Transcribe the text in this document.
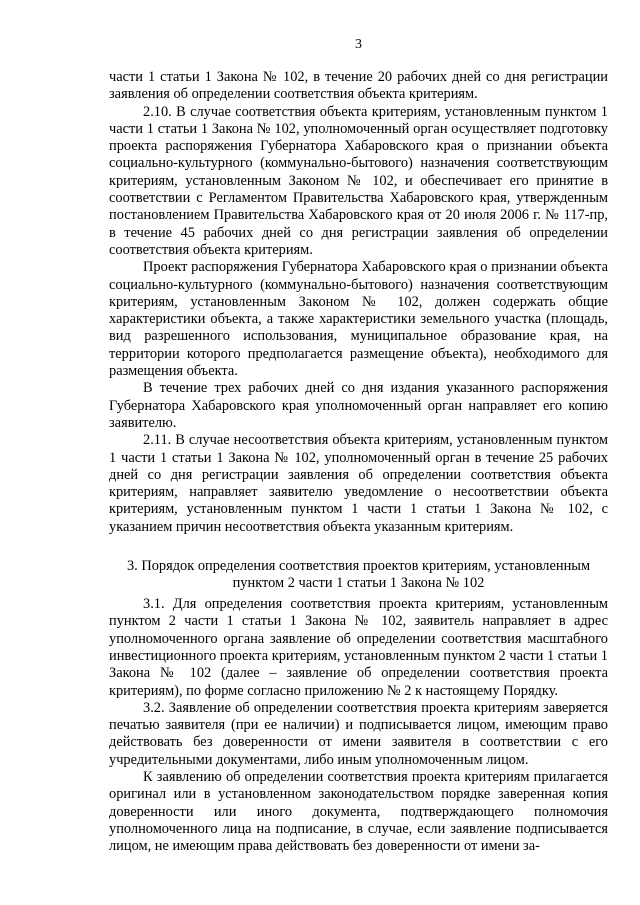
3

части 1 статьи 1 Закона № 102, в течение 20 рабочих дней со дня регистрации заявления об определении соответствия объекта критериям.

2.10. В случае соответствия объекта критериям, установленным пунктом 1 части 1 статьи 1 Закона № 102, уполномоченный орган осуществляет подготовку проекта распоряжения Губернатора Хабаровского края о признании объекта социально-культурного (коммунально-бытового) назначения соответствующим критериям, установленным Законом № 102, и обеспечивает его принятие в соответствии с Регламентом Правительства Хабаровского края, утвержденным постановлением Правительства Хабаровского края от 20 июля 2006 г. № 117-пр, в течение 45 рабочих дней со дня регистрации заявления об определении соответствия объекта критериям.

Проект распоряжения Губернатора Хабаровского края о признании объекта социально-культурного (коммунально-бытового) назначения соответствующим критериям, установленным Законом № 102, должен содержать общие характеристики объекта, а также характеристики земельного участка (площадь, вид разрешенного использования, муниципальное образование края, на территории которого предполагается размещение объекта), необходимого для размещения объекта.

В течение трех рабочих дней со дня издания указанного распоряжения Губернатора Хабаровского края уполномоченный орган направляет его копию заявителю.

2.11. В случае несоответствия объекта критериям, установленным пунктом 1 части 1 статьи 1 Закона № 102, уполномоченный орган в течение 25 рабочих дней со дня регистрации заявления об определении соответствия объекта критериям, направляет заявителю уведомление о несоответствии объекта критериям, установленным пунктом 1 части 1 статьи 1 Закона № 102, с указанием причин несоответствия объекта указанным критериям.

3. Порядок определения соответствия проектов критериям, установленным пунктом 2 части 1 статьи 1 Закона № 102

3.1. Для определения соответствия проекта критериям, установленным пунктом 2 части 1 статьи 1 Закона № 102, заявитель направляет в адрес уполномоченного органа заявление об определении соответствия масштабного инвестиционного проекта критериям, установленным пунктом 2 части 1 статьи 1 Закона № 102 (далее – заявление об определении соответствия проекта критериям), по форме согласно приложению № 2 к настоящему Порядку.

3.2. Заявление об определении соответствия проекта критериям заверяется печатью заявителя (при ее наличии) и подписывается лицом, имеющим право действовать без доверенности от имени заявителя в соответствии с его учредительными документами, либо иным уполномоченным лицом.

К заявлению об определении соответствия проекта критериям прилагается оригинал или в установленном законодательством порядке заверенная копия доверенности или иного документа, подтверждающего полномочия уполномоченного лица на подписание, в случае, если заявление подписывается лицом, не имеющим права действовать без доверенности от имени за-
